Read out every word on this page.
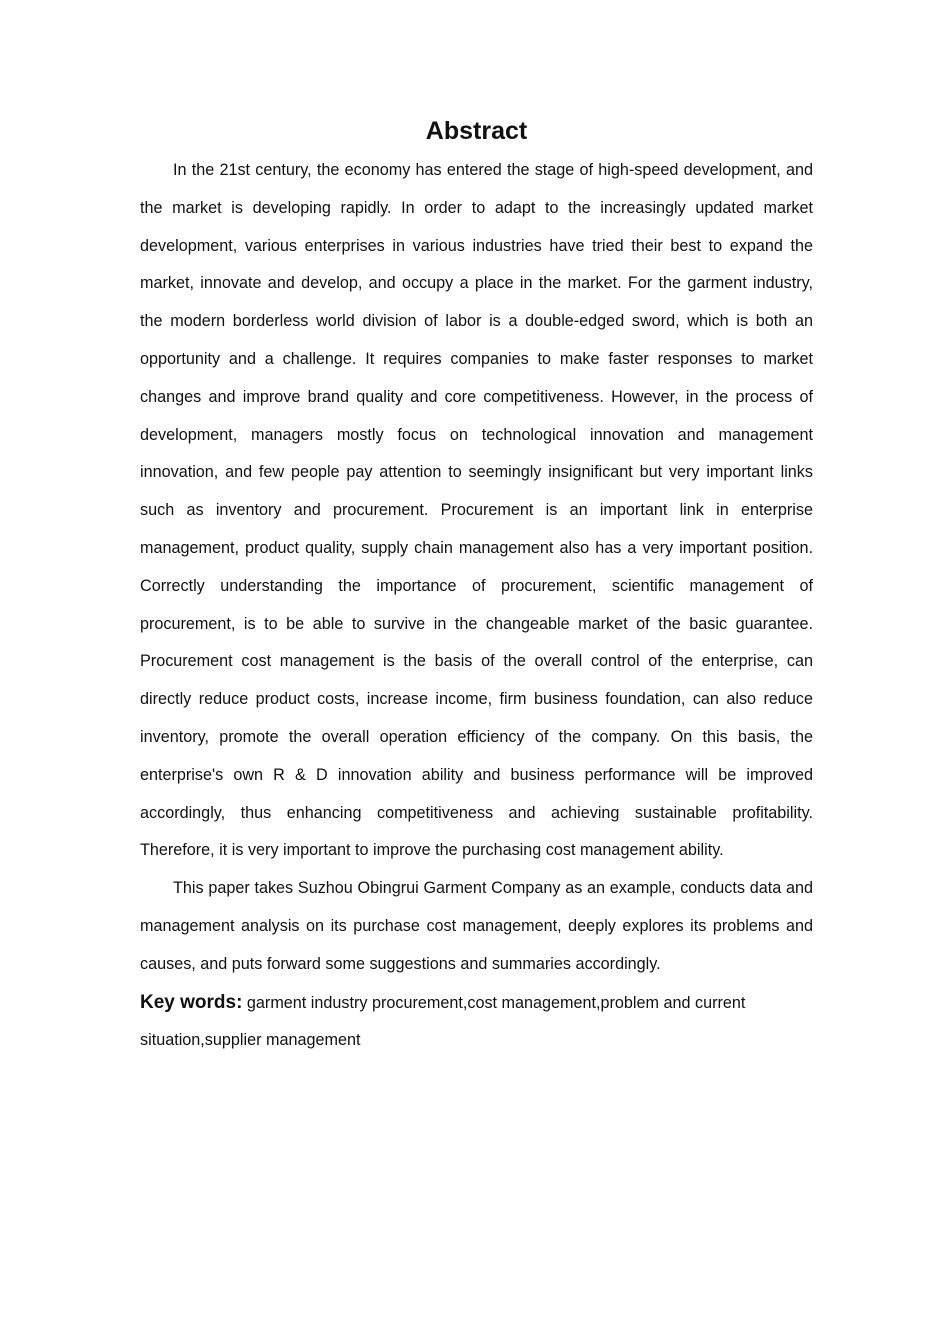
Abstract

In the 21st century, the economy has entered the stage of high-speed development, and the market is developing rapidly. In order to adapt to the increasingly updated market development, various enterprises in various industries have tried their best to expand the market, innovate and develop, and occupy a place in the market. For the garment industry, the modern borderless world division of labor is a double-edged sword, which is both an opportunity and a challenge. It requires companies to make faster responses to market changes and improve brand quality and core competitiveness. However, in the process of development, managers mostly focus on technological innovation and management innovation, and few people pay attention to seemingly insignificant but very important links such as inventory and procurement. Procurement is an important link in enterprise management, product quality, supply chain management also has a very important position. Correctly understanding the importance of procurement, scientific management of procurement, is to be able to survive in the changeable market of the basic guarantee. Procurement cost management is the basis of the overall control of the enterprise, can directly reduce product costs, increase income, firm business foundation, can also reduce inventory, promote the overall operation efficiency of the company. On this basis, the enterprise's own R & D innovation ability and business performance will be improved accordingly, thus enhancing competitiveness and achieving sustainable profitability. Therefore, it is very important to improve the purchasing cost management ability.

This paper takes Suzhou Obingrui Garment Company as an example, conducts data and management analysis on its purchase cost management, deeply explores its problems and causes, and puts forward some suggestions and summaries accordingly.

Key words: garment industry procurement,cost management,problem and current situation,supplier management
